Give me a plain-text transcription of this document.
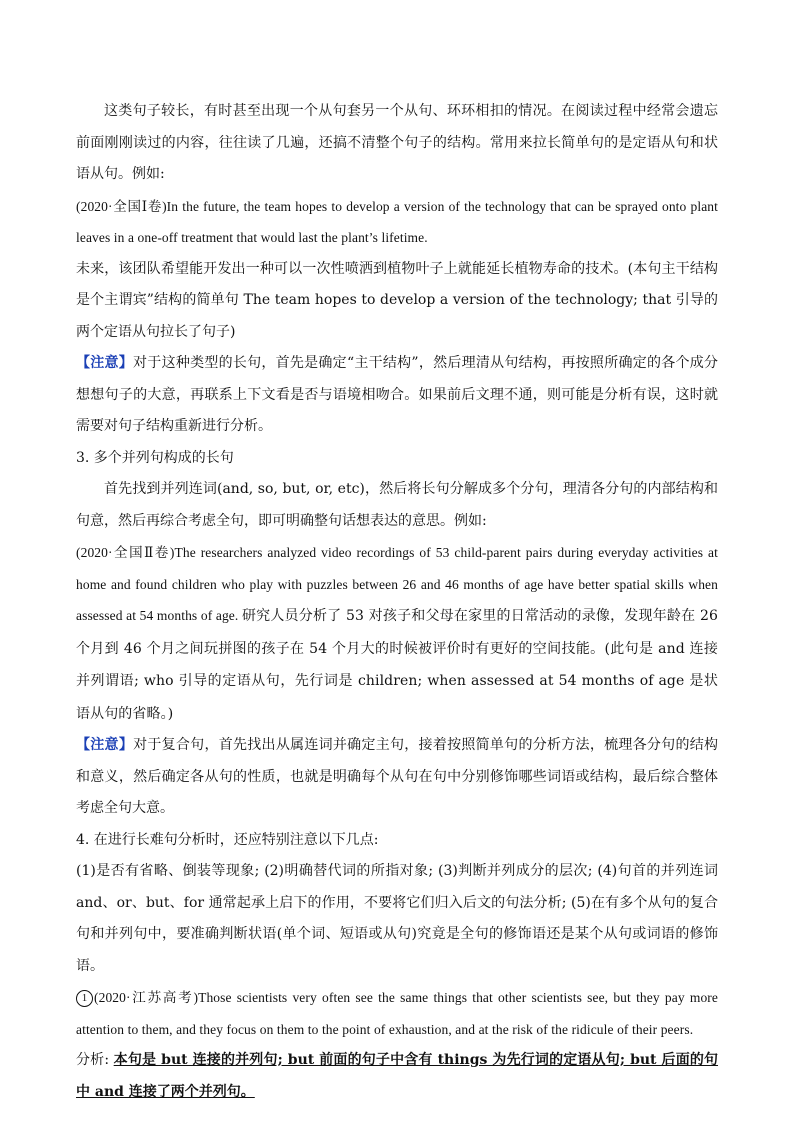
这类句子较长，有时甚至出现一个从句套另一个从句、环环相扣的情况。在阅读过程中经常会遗忘前面刚刚读过的内容，往往读了几遍，还搞不清整个句子的结构。常用来拉长简单句的是定语从句和状语从句。例如:

(2020·全国Ⅰ卷)In the future, the team hopes to develop a version of the technology that can be sprayed onto plant leaves in a one-off treatment that would last the plant’s lifetime.

未来，该团队希望能开发出一种可以一次性喷洒到植物叶子上就能延长植物寿命的技术。(本句主干结构是个主谓宾”结构的简单句 The team hopes to develop a version of the technology; that 引导的两个定语从句拉长了句子)

【注意】对于这种类型的长句，首先是确定“主干结构”，然后理清从句结构，再按照所确定的各个成分想想句子的大意，再联系上下文看是否与语境相吻合。如果前后文理不通，则可能是分析有误，这时就需要对句子结构重新进行分析。

3. 多个并列句构成的长句

首先找到并列连词(and, so, but, or, etc)，然后将长句分解成多个分句，理清各分句的内部结构和句意，然后再综合考虑全句，即可明确整句话想表达的意思。例如:

(2020·全国Ⅱ卷)The researchers analyzed video recordings of 53 child-parent pairs during everyday activities at home and found children who play with puzzles between 26 and 46 months of age have better spatial skills when assessed at 54 months of age. 研究人员分析了 53 对孩子和父母在家里的日常活动的录像，发现年龄在 26 个月到 46 个月之间玩拼图的孩子在 54 个月大的时候被评价时有更好的空间技能。(此句是 and 连接并列谓语; who 引导的定语从句，先行词是 children; when assessed at 54 months of age 是状语从句的省略。)

【注意】对于复合句，首先找出从属连词并确定主句，接着按照简单句的分析方法，梳理各分句的结构和意义，然后确定各从句的性质，也就是明确每个从句在句中分别修饰哪些词语或结构，最后综合整体考虑全句大意。

4. 在进行长难句分析时，还应特别注意以下几点:

(1)是否有省略、倒装等现象; (2)明确替代词的所指对象; (3)判断并列成分的层次; (4)句首的并列连词 and、or、but、for 通常起承上启下的作用，不要将它们归入后文的句法分析; (5)在有多个从句的复合句和并列句中，要准确判断状语(单个词、短语或从句)究竟是全句的修饰语还是某个从句或词语的修饰语。

1 (2020·江苏高考)Those scientists very often see the same things that other scientists see, but they pay more attention to them, and they focus on them to the point of exhaustion, and at the risk of the ridicule of their peers.

分析: 本句是 but 连接的并列句; but 前面的句子中含有 things 为先行词的定语从句; but 后面的句中 and 连接了两个并列句。
